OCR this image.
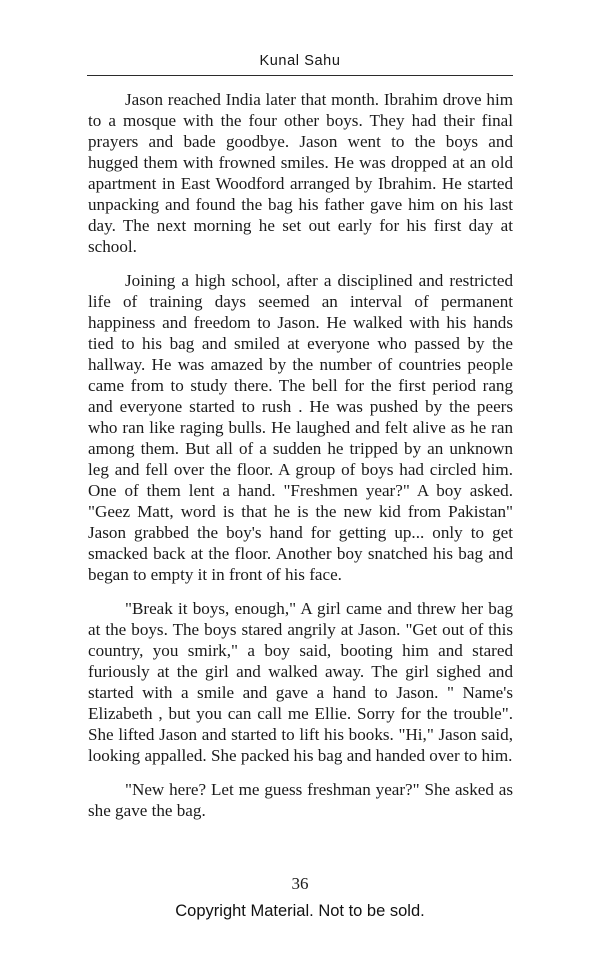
Kunal Sahu

Jason reached India later that month. Ibrahim drove him to a mosque with the four other boys. They had their final prayers and bade goodbye. Jason went to the boys and hugged them with frowned smiles. He was dropped at an old apartment in East Woodford arranged by Ibrahim. He started unpacking and found the bag his father gave him on his last day. The next morning he set out early for his first day at school.

Joining a high school, after a disciplined and restricted life of training days seemed an interval of permanent happiness and freedom to Jason. He walked with his hands tied to his bag and smiled at everyone who passed by the hallway. He was amazed by the number of countries people came from to study there. The bell for the first period rang and everyone started to rush . He was pushed by the peers who ran like raging bulls. He laughed and felt alive as he ran among them. But all of a sudden he tripped by an unknown leg and fell over the floor. A group of boys had circled him. One of them lent a hand. "Freshmen year?" A boy asked. "Geez Matt, word is that he is the new kid from Pakistan" Jason grabbed the boy's hand for getting up... only to get smacked back at the floor. Another boy snatched his bag and began to empty it in front of his face.

"Break it boys, enough," A girl came and threw her bag at the boys. The boys stared angrily at Jason. "Get out of this country, you smirk," a boy said, booting him and stared furiously at the girl and walked away. The girl sighed and started with a smile and gave a hand to Jason. " Name's Elizabeth , but you can call me Ellie. Sorry for the trouble". She lifted Jason and started to lift his books. "Hi," Jason said, looking appalled. She packed his bag and handed over to him.

"New here? Let me guess freshman year?" She asked as she gave the bag.

36
Copyright Material. Not to be sold.
